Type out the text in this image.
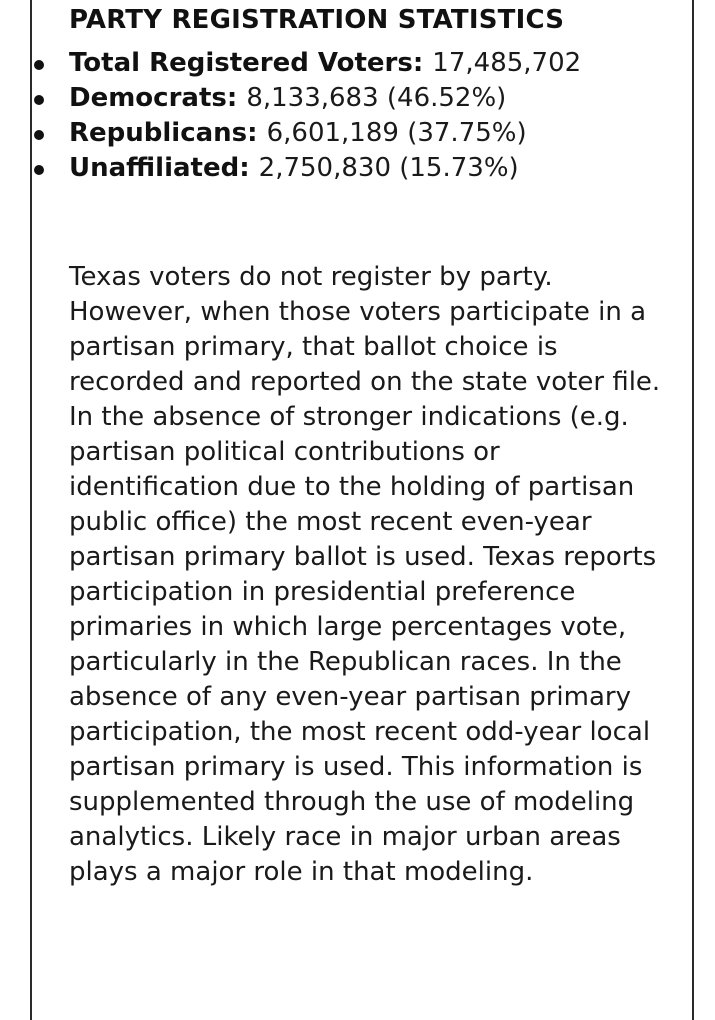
PARTY REGISTRATION STATISTICS
Total Registered Voters: 17,485,702
Democrats: 8,133,683 (46.52%)
Republicans: 6,601,189 (37.75%)
Unaffiliated: 2,750,830 (15.73%)

Texas voters do not register by party. However, when those voters participate in a partisan primary, that ballot choice is recorded and reported on the state voter file. In the absence of stronger indications (e.g. partisan political contributions or identification due to the holding of partisan public office) the most recent even-year partisan primary ballot is used. Texas reports participation in presidential preference primaries in which large percentages vote, particularly in the Republican races. In the absence of any even-year partisan primary participation, the most recent odd-year local partisan primary is used. This information is supplemented through the use of modeling analytics. Likely race in major urban areas plays a major role in that modeling.
